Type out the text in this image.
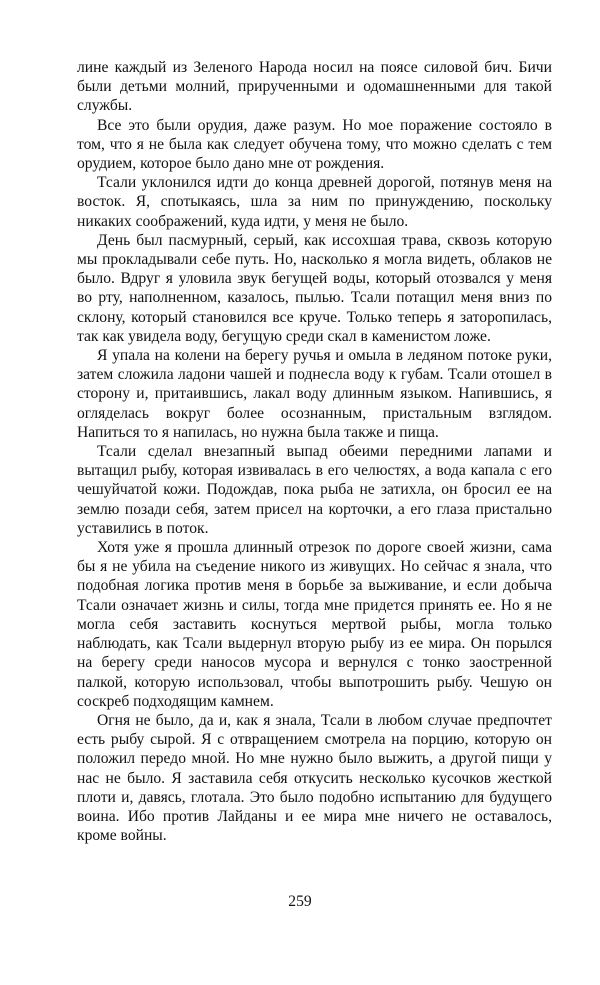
лине каждый из Зеленого Народа носил на поясе силовой бич. Бичи были детьми молний, прирученными и одомашненными для такой службы.

Все это были орудия, даже разум. Но мое поражение состояло в том, что я не была как следует обучена тому, что можно сделать с тем орудием, которое было дано мне от рождения.

Тсали уклонился идти до конца древней дорогой, потянув меня на восток. Я, спотыкаясь, шла за ним по принуждению, поскольку никаких соображений, куда идти, у меня не было.

День был пасмурный, серый, как иссохшая трава, сквозь которую мы прокладывали себе путь. Но, насколько я могла видеть, облаков не было. Вдруг я уловила звук бегущей воды, который отозвался у меня во рту, наполненном, казалось, пылью. Тсали потащил меня вниз по склону, который становился все круче. Только теперь я заторопилась, так как увидела воду, бегущую среди скал в каменистом ложе.

Я упала на колени на берегу ручья и омыла в ледяном потоке руки, затем сложила ладони чашей и поднесла воду к губам. Тсали отошел в сторону и, притаившись, лакал воду длинным языком. Напившись, я огляделась вокруг более осознанным, пристальным взглядом. Напиться то я напилась, но нужна была также и пища.

Тсали сделал внезапный выпад обеими передними лапами и вытащил рыбу, которая извивалась в его челюстях, а вода капала с его чешуйчатой кожи. Подождав, пока рыба не затихла, он бросил ее на землю позади себя, затем присел на корточки, а его глаза пристально уставились в поток.

Хотя уже я прошла длинный отрезок по дороге своей жизни, сама бы я не убила на съедение никого из живущих. Но сейчас я знала, что подобная логика против меня в борьбе за выживание, и если добыча Тсали означает жизнь и силы, тогда мне придется принять ее. Но я не могла себя заставить коснуться мертвой рыбы, могла только наблюдать, как Тсали выдернул вторую рыбу из ее мира. Он порылся на берегу среди наносов мусора и вернулся с тонко заостренной палкой, которую использовал, чтобы выпотрошить рыбу. Чешую он соскреб подходящим камнем.

Огня не было, да и, как я знала, Тсали в любом случае предпочтет есть рыбу сырой. Я с отвращением смотрела на порцию, которую он положил передо мной. Но мне нужно было выжить, а другой пищи у нас не было. Я заставила себя откусить несколько кусочков жесткой плоти и, давясь, глотала. Это было подобно испытанию для будущего воина. Ибо против Лайданы и ее мира мне ничего не оставалось, кроме войны.

259
